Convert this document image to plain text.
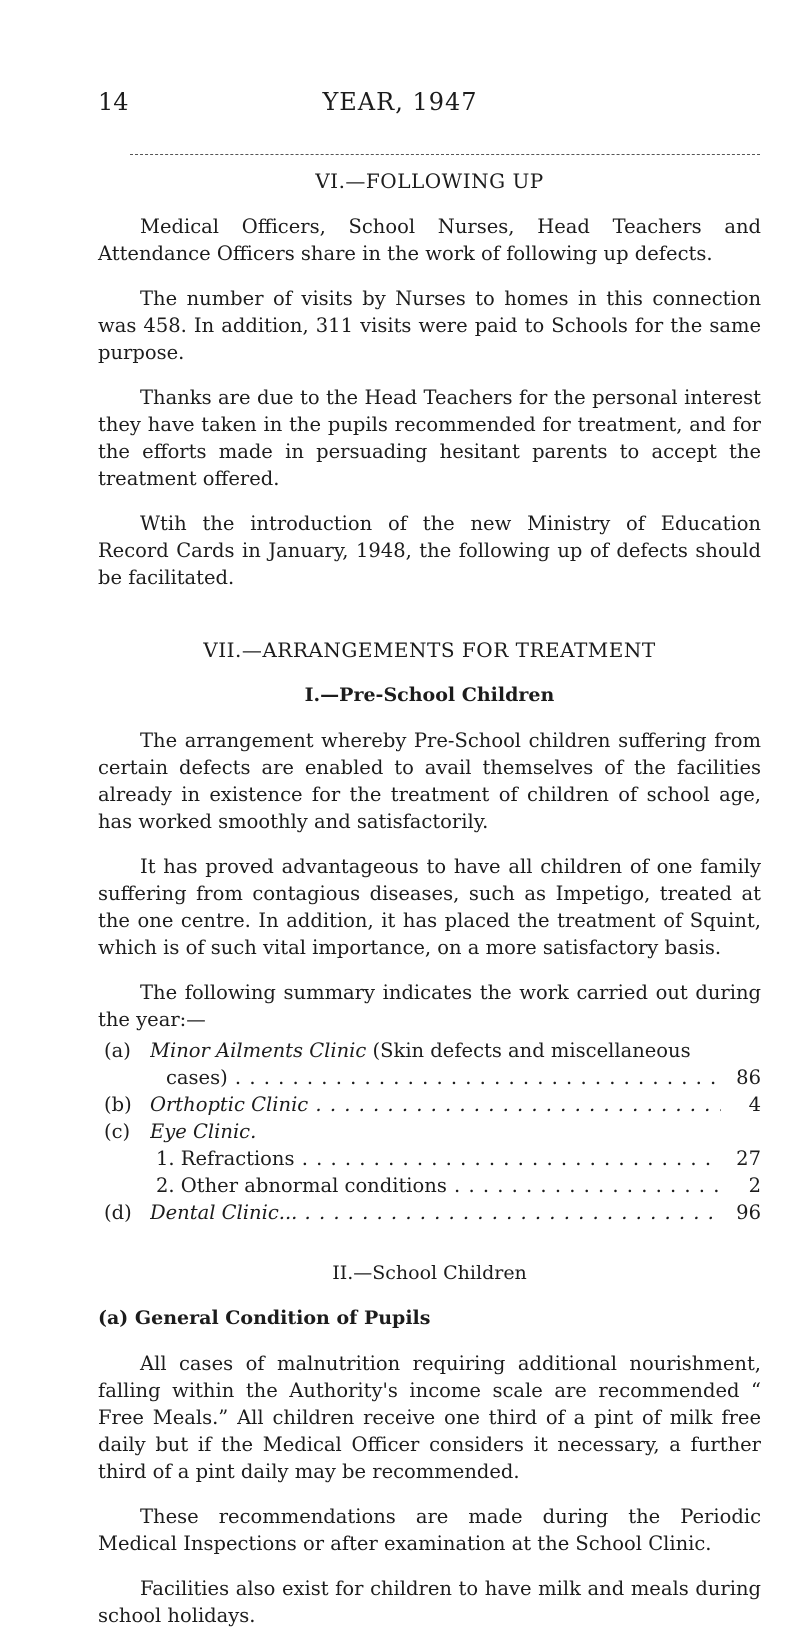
14	YEAR, 1947
VI.—FOLLOWING UP

Medical Officers, School Nurses, Head Teachers and Attendance Officers share in the work of following up defects.

The number of visits by Nurses to homes in this connection was 458. In addition, 311 visits were paid to Schools for the same purpose.

Thanks are due to the Head Teachers for the personal interest they have taken in the pupils recommended for treatment, and for the efforts made in persuading hesitant parents to accept the treatment offered.

Wtih the introduction of the new Ministry of Education Record Cards in January, 1948, the following up of defects should be facilitated.

VII.—ARRANGEMENTS FOR TREATMENT
I.—Pre-School Children

The arrangement whereby Pre-School children suffering from certain defects are enabled to avail themselves of the facilities already in existence for the treatment of children of school age, has worked smoothly and satisfactorily.

It has proved advantageous to have all children of one family suffering from contagious diseases, such as Impetigo, treated at the one centre. In addition, it has placed the treatment of Squint, which is of such vital importance, on a more satisfactory basis.

The following summary indicates the work carried out during the year:—

(a) Minor Ailments Clinic (Skin defects and miscellaneous
cases) . . .	86
(b) Orthoptic Clinic . . .	4
(c)	Eye Clinic.
1. Refractions . . .	27
2. Other abnormal conditions . . .	2
(d) Dental Clinic... . . .	96
II.—School Children
(a) General Condition of Pupils

All cases of malnutrition requiring additional nourishment, falling within the Authority's income scale are recommended “ Free Meals.” All children receive one third of a pint of milk free daily but if the Medical Officer considers it necessary, a further third of a pint daily may be recommended.

These recommendations are made during the Periodic Medical Inspections or after examination at the School Clinic.

Facilities also exist for children to have milk and meals during school holidays.
